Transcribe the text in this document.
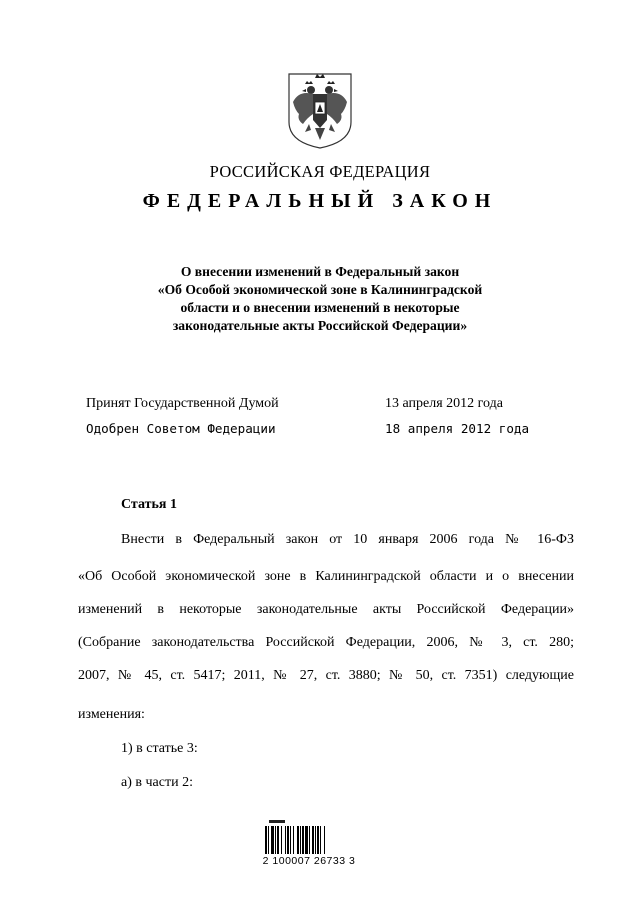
РОССИЙСКАЯ ФЕДЕРАЦИЯ
ФЕДЕРАЛЬНЫЙ ЗАКОН
О внесении изменений в Федеральный закон
«Об Особой экономической зоне в Калининградской
области и о внесении изменений в некоторые
законодательные акты Российской Федерации»
Принят Государственной Думой	13 апреля 2012 года
Одобрен Советом Федерации	18 апреля 2012 года
Статья 1
Внести в Федеральный закон от 10 января 2006 года № 16-ФЗ
«Об Особой экономической зоне в Калининградской области и о внесении
изменений в некоторые законодательные акты Российской Федерации»
(Собрание законодательства Российской Федерации, 2006, № 3, ст. 280;
2007, № 45, ст. 5417; 2011, № 27, ст. 3880; № 50, ст. 7351) следующие
изменения:
1) в статье 3:
а) в части 2:
2 100007 26733 3
